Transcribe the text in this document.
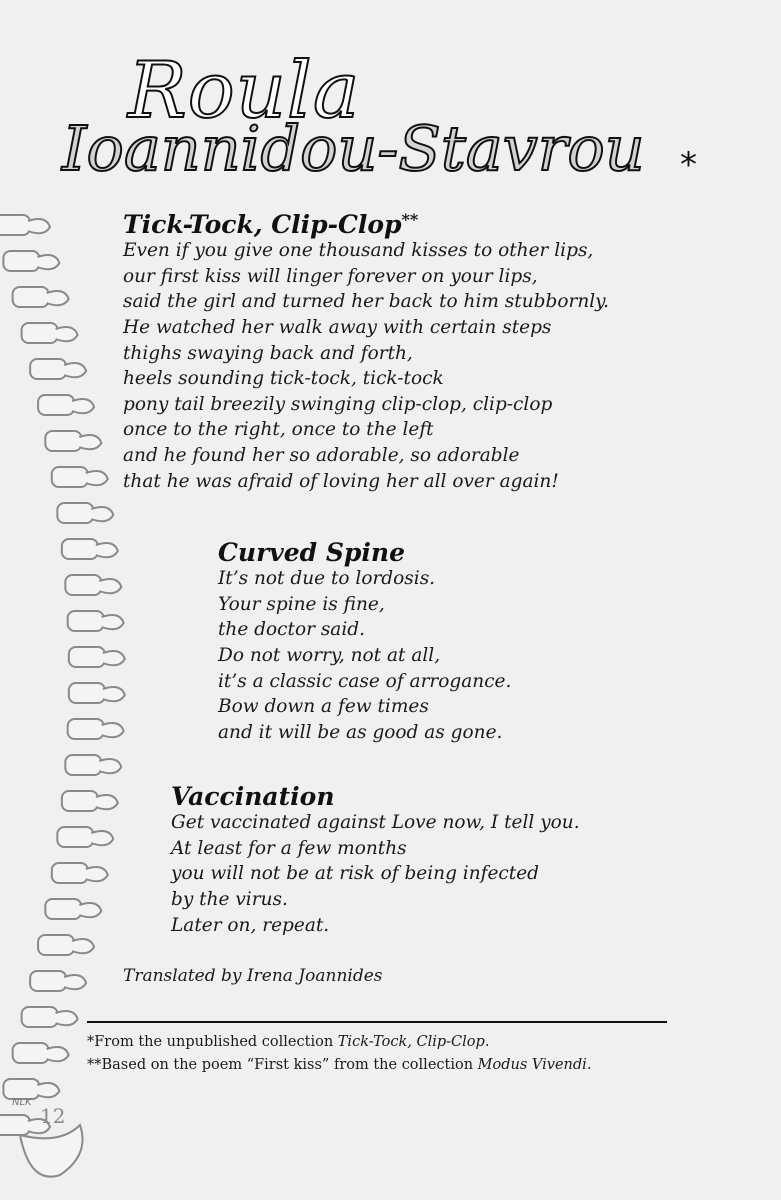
NLK
Roula
Ioannidou-Stavrou *
Tick-Tock, Clip-Clop**
Even if you give one thousand kisses to other lips,
our first kiss will linger forever on your lips,
said the girl and turned her back to him stubbornly.
He watched her walk away with certain steps
thighs swaying back and forth,
heels sounding tick-tock, tick-tock
pony tail breezily swinging clip-clop, clip-clop
once to the right, once to the left
and he found her so adorable, so adorable
that he was afraid of loving her all over again!
Curved Spine
It’s not due to lordosis.
Your spine is fine,
the doctor said.
Do not worry, not at all,
it’s a classic case of arrogance.
Bow down a few times
and it will be as good as gone.
Vaccination
Get vaccinated against Love now, I tell you.
At least for a few months
you will not be at risk of being infected
by the virus.
Later on, repeat.
Translated by Irena Joannides
*From the unpublished collection Tick-Tock, Clip-Clop.
**Based on the poem “First kiss” from the collection Modus Vivendi.
12
